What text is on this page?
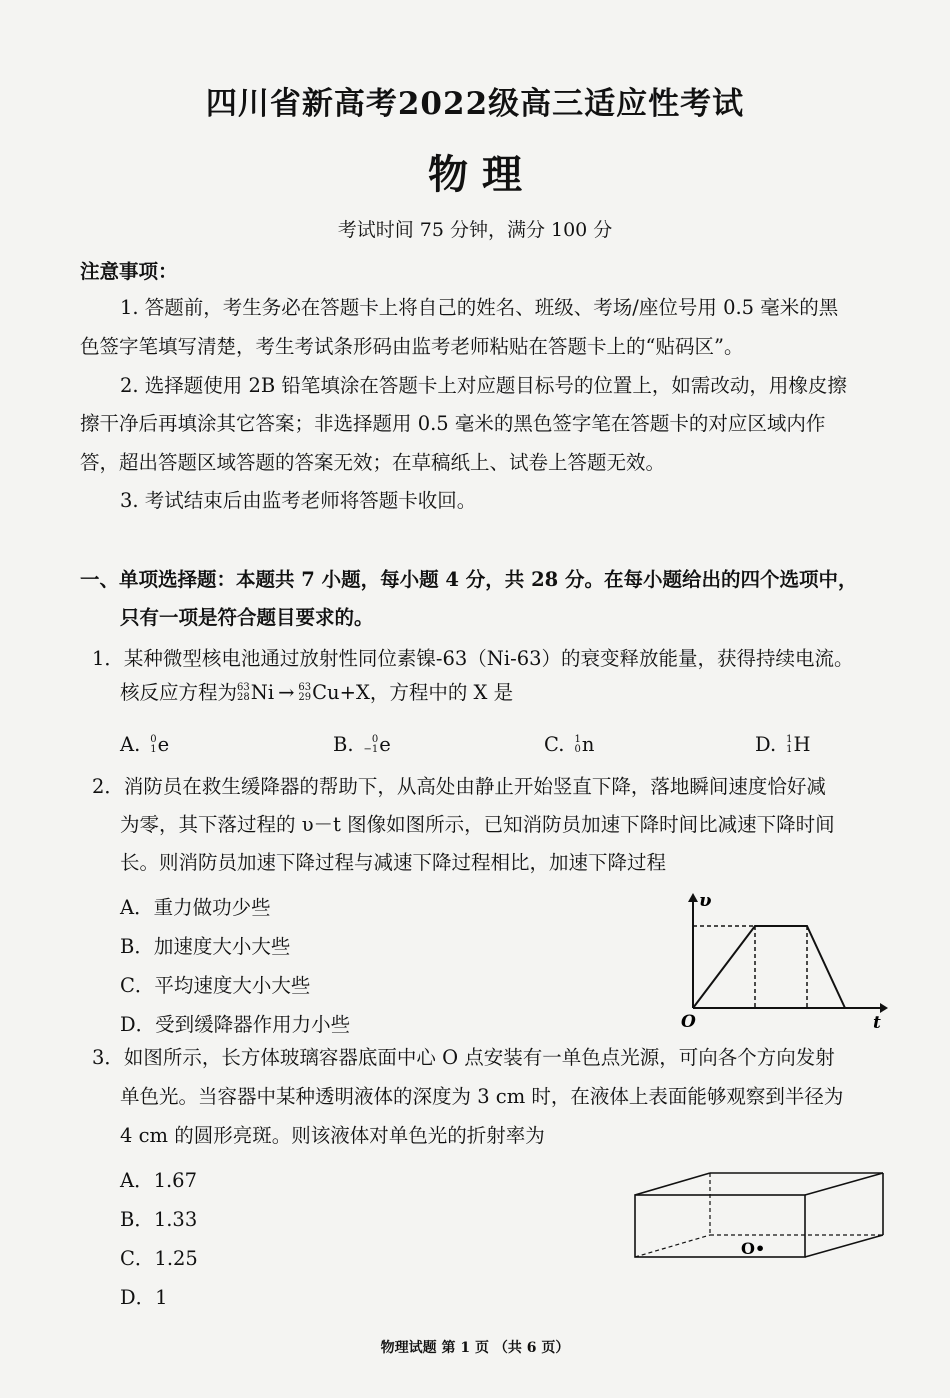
四川省新高考2022级高三适应性考试
物 理
考试时间 75 分钟，满分 100 分
注意事项：
1. 答题前，考生务必在答题卡上将自己的姓名、班级、考场/座位号用 0.5 毫米的黑
色签字笔填写清楚，考生考试条形码由监考老师粘贴在答题卡上的“贴码区”。
2. 选择题使用 2B 铅笔填涂在答题卡上对应题目标号的位置上，如需改动，用橡皮擦
擦干净后再填涂其它答案；非选择题用 0.5 毫米的黑色签字笔在答题卡的对应区域内作
答，超出答题区域答题的答案无效；在草稿纸上、试卷上答题无效。
3. 考试结束后由监考老师将答题卡收回。
一、单项选择题：本题共 7 小题，每小题 4 分，共 28 分。在每小题给出的四个选项中，
只有一项是符合题目要求的。
1．某种微型核电池通过放射性同位素镍-63（Ni-63）的衰变释放能量，获得持续电流。
核反应方程为 63
28 Ni → 63
29 Cu +X ，方程中的 X 是
A. 0
1 e	B.	0
−1 e	C. 1
0 n	D. 1
1 H
2．消防员在救生缓降器的帮助下，从高处由静止开始竖直下降，落地瞬间速度恰好减
为零，其下落过程的 υ－t 图像如图所示，已知消防员加速下降时间比减速下降时间
长。则消防员加速下降过程与减速下降过程相比，加速下降过程
A．重力做功少些
B．加速度大小大些
C．平均速度大小大些
D．受到缓降器作用力小些
υ
t
O
3．如图所示，长方体玻璃容器底面中心 O 点安装有一单色点光源，可向各个方向发射
单色光。当容器中某种透明液体的深度为 3 cm 时，在液体上表面能够观察到半径为
4 cm 的圆形亮斑。则该液体对单色光的折射率为
A．1.67
B．1.33
C．1.25
D．1
O•
物理试题 第 1 页 （共 6 页）
